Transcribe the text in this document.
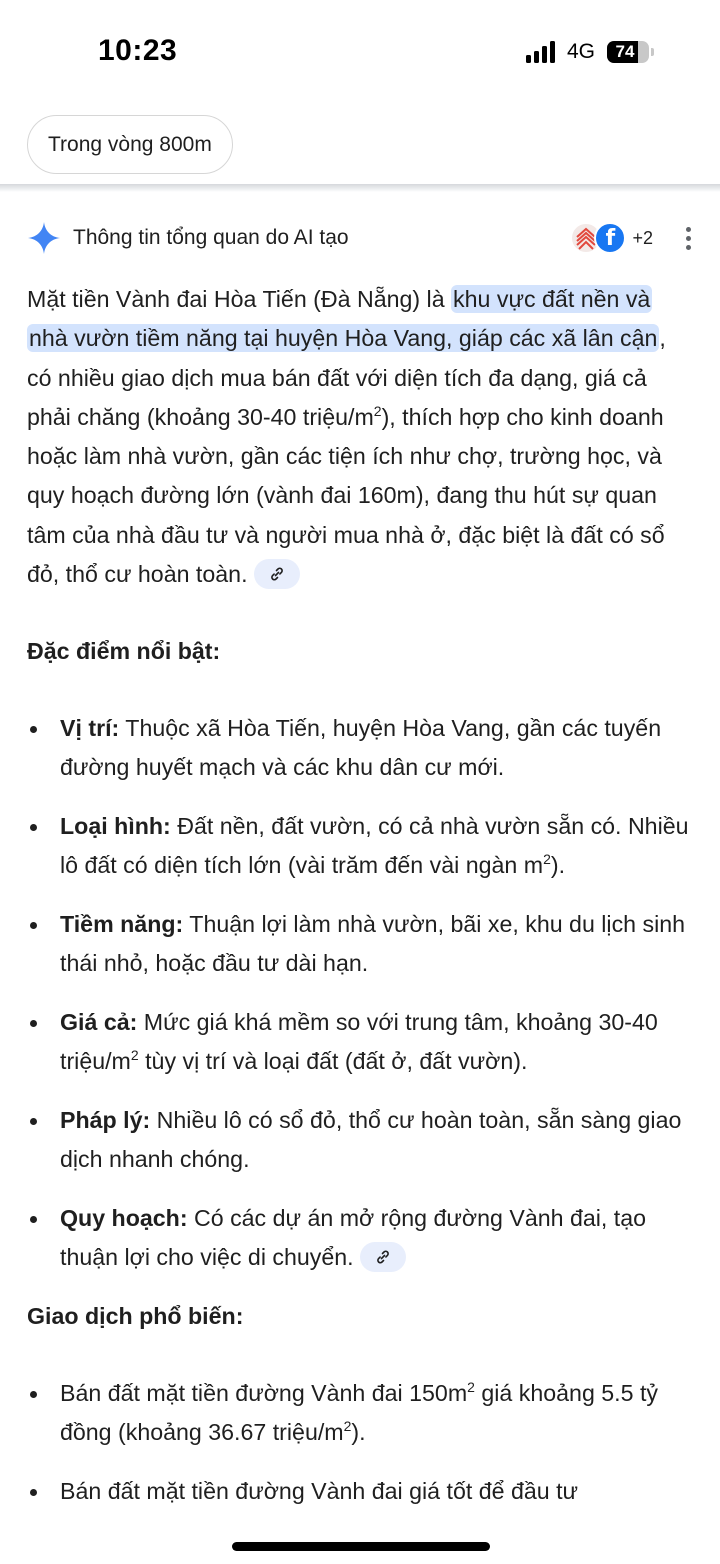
10:23	4G	74
Trong vòng 800m
Thông tin tổng quan do AI tạo	f +2

Mặt tiền Vành đai Hòa Tiến (Đà Nẵng) là khu vực đất nền và nhà vườn tiềm năng tại huyện Hòa Vang, giáp các xã lân cận, có nhiều giao dịch mua bán đất với diện tích đa dạng, giá cả phải chăng (khoảng 30-40 triệu/$m^2$), thích hợp cho kinh doanh hoặc làm nhà vườn, gần các tiện ích như chợ, trường học, và quy hoạch đường lớn (vành đai 160m), đang thu hút sự quan tâm của nhà đầu tư và người mua nhà ở, đặc biệt là đất có sổ đỏ, thổ cư hoàn toàn.

Đặc điểm nổi bật:
Vị trí: Thuộc xã Hòa Tiến, huyện Hòa Vang, gần các tuyến đường huyết mạch và các khu dân cư mới.
Loại hình: Đất nền, đất vườn, có cả nhà vườn sẵn có. Nhiều lô đất có diện tích lớn (vài trăm đến vài ngàn $m^2$).
Tiềm năng: Thuận lợi làm nhà vườn, bãi xe, khu du lịch sinh thái nhỏ, hoặc đầu tư dài hạn.
Giá cả: Mức giá khá mềm so với trung tâm, khoảng 30-40 triệu/$m^2$ tùy vị trí và loại đất (đất ở, đất vườn).
Pháp lý: Nhiều lô có sổ đỏ, thổ cư hoàn toàn, sẵn sàng giao dịch nhanh chóng.
Quy hoạch: Có các dự án mở rộng đường Vành đai, tạo thuận lợi cho việc di chuyển.
Giao dịch phổ biến:
Bán đất mặt tiền đường Vành đai $150m^2$ giá khoảng 5.5 tỷ đồng (khoảng 36.67 triệu/$m^2$).
Bán đất mặt tiền đường Vành đai giá tốt để đầu tư
